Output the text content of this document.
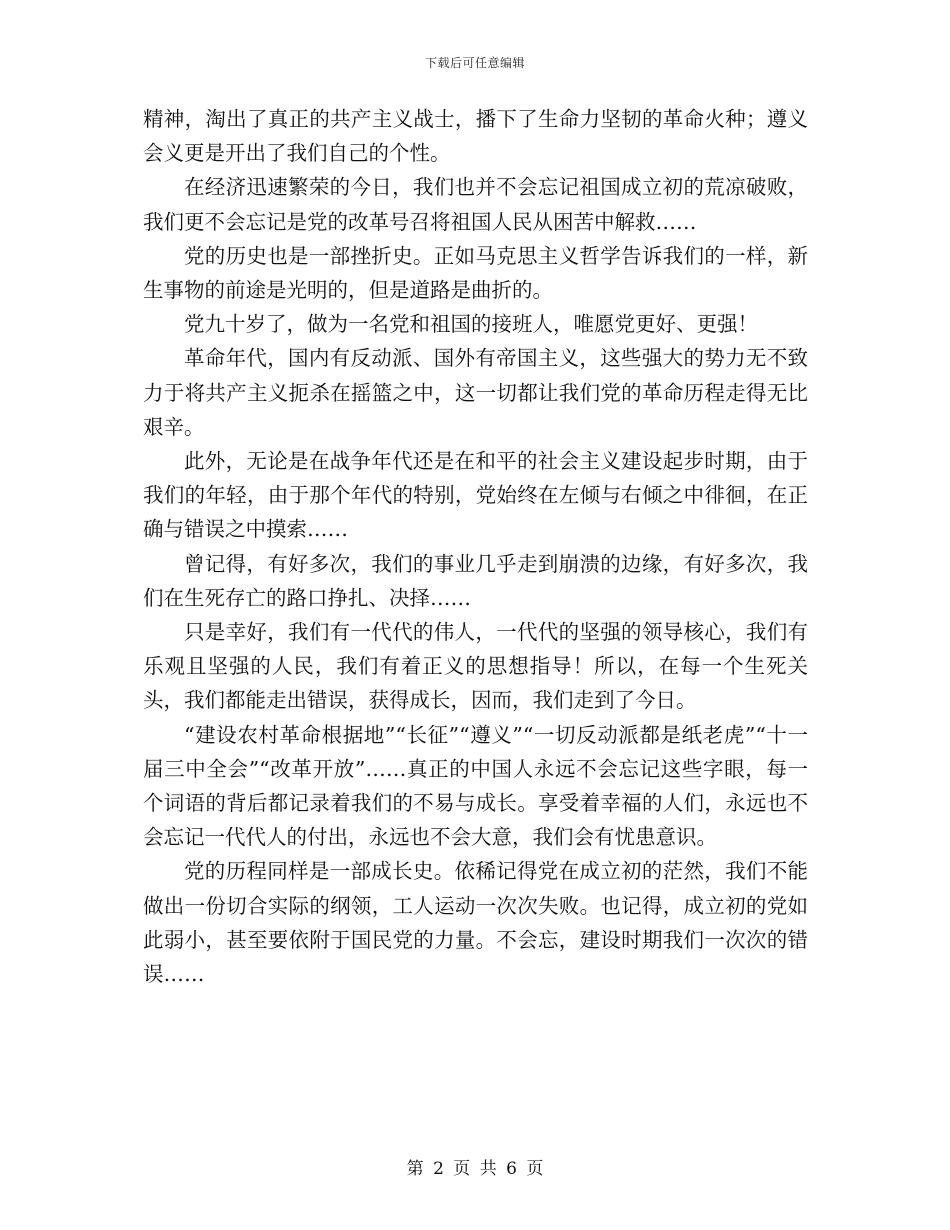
下载后可任意编辑

精神，淘出了真正的共产主义战士，播下了生命力坚韧的革命火种；遵义会义更是开出了我们自己的个性。

在经济迅速繁荣的今日，我们也并不会忘记祖国成立初的荒凉破败，我们更不会忘记是党的改革号召将祖国人民从困苦中解救……

党的历史也是一部挫折史。正如马克思主义哲学告诉我们的一样，新生事物的前途是光明的，但是道路是曲折的。

党九十岁了，做为一名党和祖国的接班人，唯愿党更好、更强！

革命年代，国内有反动派、国外有帝国主义，这些强大的势力无不致力于将共产主义扼杀在摇篮之中，这一切都让我们党的革命历程走得无比艰辛。

此外，无论是在战争年代还是在和平的社会主义建设起步时期，由于我们的年轻，由于那个年代的特别，党始终在左倾与右倾之中徘徊，在正确与错误之中摸索……

曾记得，有好多次，我们的事业几乎走到崩溃的边缘，有好多次，我们在生死存亡的路口挣扎、决择……

只是幸好，我们有一代代的伟人，一代代的坚强的领导核心，我们有乐观且坚强的人民，我们有着正义的思想指导！所以，在每一个生死关头，我们都能走出错误，获得成长，因而，我们走到了今日。

“建设农村革命根据地”“长征”“遵义”“一切反动派都是纸老虎”“十一届三中全会”“改革开放”……真正的中国人永远不会忘记这些字眼，每一个词语的背后都记录着我们的不易与成长。享受着幸福的人们，永远也不会忘记一代代人的付出，永远也不会大意，我们会有忧患意识。

党的历程同样是一部成长史。依稀记得党在成立初的茫然，我们不能做出一份切合实际的纲领，工人运动一次次失败。也记得，成立初的党如此弱小，甚至要依附于国民党的力量。不会忘，建设时期我们一次次的错误……

第 2 页 共 6 页
